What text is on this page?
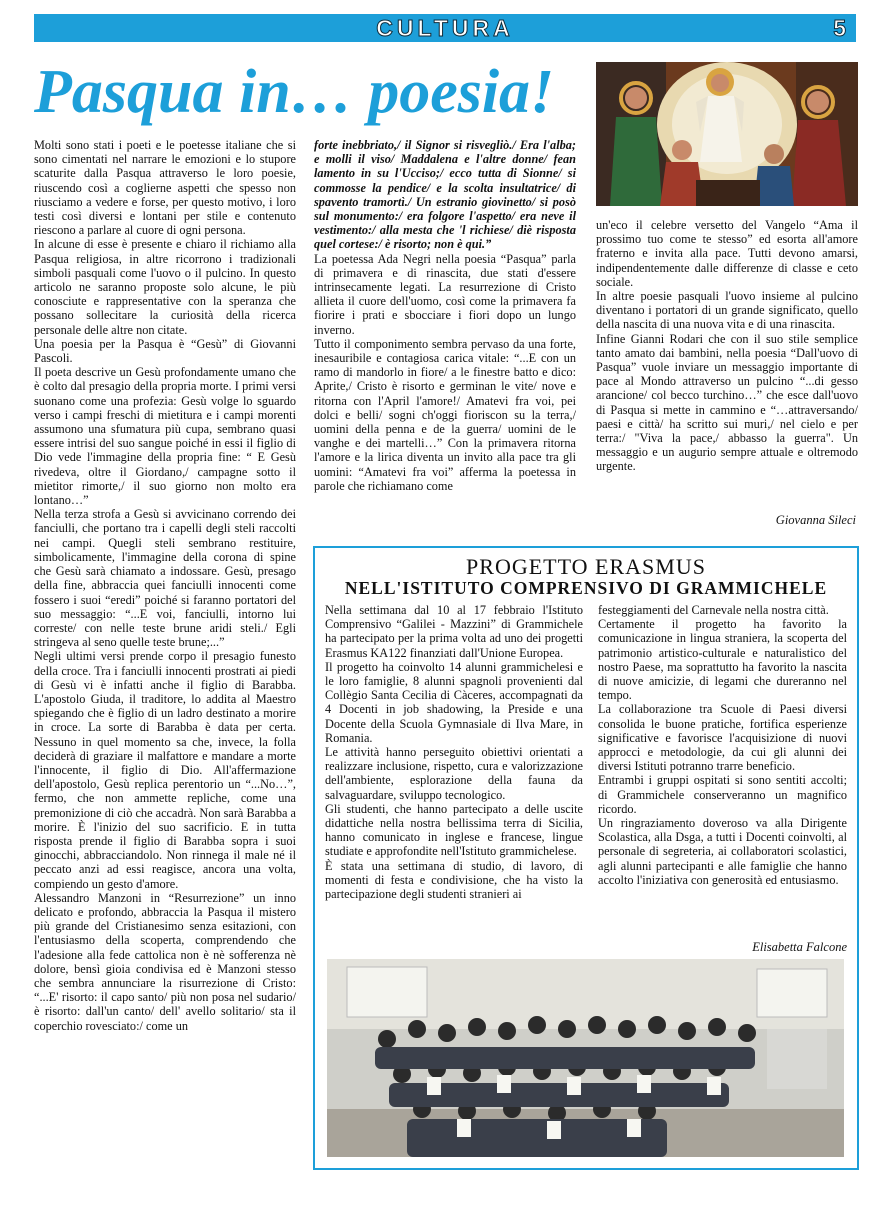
CULTURA	5
Pasqua in… poesia!

Molti sono stati i poeti e le poetesse italiane che si sono cimentati nel narrare le emozioni e lo stupore scaturite dalla Pasqua attraverso le loro poesie, riuscendo così a coglierne aspetti che spesso non riusciamo a vedere e forse, per questo motivo, i loro testi così diversi e lontani per stile e contenuto riescono a parlare al cuore di ogni persona.

In alcune di esse è presente e chiaro il richiamo alla Pasqua religiosa, in altre ricorrono i tradizionali simboli pasquali come l'uovo o il pulcino. In questo articolo ne saranno proposte solo alcune, le più conosciute e rappresentative con la speranza che possano sollecitare la curiosità della ricerca personale delle altre non citate.

Una poesia per la Pasqua è “Gesù” di Giovanni Pascoli.

Il poeta descrive un Gesù profondamente umano che è colto dal presagio della propria morte. I primi versi suonano come una profezia: Gesù volge lo sguardo verso i campi freschi di mietitura e i campi morenti assumono una sfumatura più cupa, sembrano quasi essere intrisi del suo sangue poiché in essi il figlio di Dio vede l'immagine della propria fine: “ E Gesù rivedeva, oltre il Giordano,/ campagne sotto il mietitor rimorte,/ il suo giorno non molto era lontano…”

Nella terza strofa a Gesù si avvicinano correndo dei fanciulli, che portano tra i capelli degli steli raccolti nei campi. Quegli steli sembrano restituire, simbolicamente, l'immagine della corona di spine che Gesù sarà chiamato a indossare. Gesù, presago della fine, abbraccia quei fanciulli innocenti come fossero i suoi “eredi” poiché si faranno portatori del suo messaggio: “...E voi, fanciulli, intorno lui correste/ con nelle teste brune aridi steli./ Egli stringeva al seno quelle teste brune;...”

Negli ultimi versi prende corpo il presagio funesto della croce. Tra i fanciulli innocenti prostrati ai piedi di Gesù vi è infatti anche il figlio di Barabba. L'apostolo Giuda, il traditore, lo addita al Maestro spiegando che è figlio di un ladro destinato a morire in croce. La sorte di Barabba è data per certa. Nessuno in quel momento sa che, invece, la folla deciderà di graziare il malfattore e mandare a morte l'innocente, il figlio di Dio. All'affermazione dell'apostolo, Gesù replica perentorio un “...No…”, fermo, che non ammette repliche, come una premonizione di ciò che accadrà. Non sarà Barabba a morire. È l'inizio del suo sacrificio. E in tutta risposta prende il figlio di Barabba sopra i suoi ginocchi, abbracciandolo. Non rinnega il male né il peccato anzi ad essi reagisce, ancora una volta, compiendo un gesto d'amore.

Alessandro Manzoni in “Resurrezione” un inno delicato e profondo, abbraccia la Pasqua il mistero più grande del Cristianesimo senza esitazioni, con l'entusiasmo della scoperta, comprendendo che l'adesione alla fede cattolica non è nè sofferenza nè dolore, bensì gioia condivisa ed è Manzoni stesso che sembra annunciare la risurrezione di Cristo: “...E' risorto: il capo santo/ più non posa nel sudario/ è risorto: dall'un canto/ dell' avello solitario/ sta il coperchio rovesciato:/ come un

forte inebbriato,/ il Signor si risvegliò./ Era l'alba; e molli il viso/ Maddalena e l'altre donne/ fean lamento in su l'Ucciso;/ ecco tutta di Sionne/ si commosse la pendice/ e la scolta insultatrice/ di spavento tramortì./ Un estranio giovinetto/ si posò sul monumento:/ era folgore l'aspetto/ era neve il vestimento:/ alla mesta che 'l richiese/ diè risposta quel cortese:/ è risorto; non è qui.”

La poetessa Ada Negri nella poesia “Pasqua” parla di primavera e di rinascita, due stati d'essere intrinsecamente legati. La resurrezione di Cristo allieta il cuore dell'uomo, così come la primavera fa fiorire i prati e sbocciare i fiori dopo un lungo inverno.

Tutto il componimento sembra pervaso da una forte, inesauribile e contagiosa carica vitale: “...E con un ramo di mandorlo in fiore/ a le finestre batto e dico: Aprite,/ Cristo è risorto e germinan le vite/ nove e ritorna con l'April l'amore!/ Amatevi fra voi, pei dolci e belli/ sogni ch'oggi fioriscon su la terra,/ uomini della penna e de la guerra/ uomini de le vanghe e dei martelli…” Con la primavera ritorna l'amore e la lirica diventa un invito alla pace tra gli uomini: “Amatevi fra voi” afferma la poetessa in parole che richiamano come

un'eco il celebre versetto del Vangelo “Ama il prossimo tuo come te stesso” ed esorta all'amore fraterno e invita alla pace. Tutti devono amarsi, indipendentemente dalle differenze di classe e ceto sociale.

In altre poesie pasquali l'uovo insieme al pulcino diventano i portatori di un grande significato, quello della nascita di una nuova vita e di una rinascita.

Infine Gianni Rodari che con il suo stile semplice tanto amato dai bambini, nella poesia “Dall'uovo di Pasqua” vuole inviare un messaggio importante di pace al Mondo attraverso un pulcino “...di gesso arancione/ col becco turchino…” che esce dall'uovo di Pasqua si mette in cammino e “…attraversando/ paesi e città/ ha scritto sui muri,/ nel cielo e per terra:/ "Viva la pace,/ abbasso la guerra". Un messaggio e un augurio sempre attuale e oltremodo urgente.

Giovanna Sileci
PROGETTO ERASMUS
NELL'ISTITUTO COMPRENSIVO DI GRAMMICHELE

Nella settimana dal 10 al 17 febbraio l'Istituto Comprensivo “Galilei - Mazzini” di Grammichele ha partecipato per la prima volta ad uno dei progetti Erasmus KA122 finanziati dall'Unione Europea.

Il progetto ha coinvolto 14 alunni grammichelesi e le loro famiglie, 8 alunni spagnoli provenienti dal Collègio Santa Cecilia di Càceres, accompagnati da 4 Docenti in job shadowing, la Preside e una Docente della Scuola Gymnasiale di Ilva Mare, in Romania.

Le attività hanno perseguito obiettivi orientati a realizzare inclusione, rispetto, cura e valorizzazione dell'ambiente, esplorazione della fauna da salvaguardare, sviluppo tecnologico.

Gli studenti, che hanno partecipato a delle uscite didattiche nella nostra bellissima terra di Sicilia, hanno comunicato in inglese e francese, lingue studiate e approfondite nell'Istituto grammichelese.

È stata una settimana di studio, di lavoro, di momenti di festa e condivisione, che ha visto la partecipazione degli studenti stranieri ai

festeggiamenti del Carnevale nella nostra città.

Certamente il progetto ha favorito la comunicazione in lingua straniera, la scoperta del patrimonio artistico-culturale e naturalistico del nostro Paese, ma soprattutto ha favorito la nascita di nuove amicizie, di legami che dureranno nel tempo.

La collaborazione tra Scuole di Paesi diversi consolida le buone pratiche, fortifica esperienze significative e favorisce l'acquisizione di nuovi approcci e metodologie, da cui gli alunni dei diversi Istituti potranno trarre beneficio.

Entrambi i gruppi ospitati si sono sentiti accolti; di Grammichele conserveranno un magnifico ricordo.

Un ringraziamento doveroso va alla Dirigente Scolastica, alla Dsga, a tutti i Docenti coinvolti, al personale di segreteria, ai collaboratori scolastici, agli alunni partecipanti e alle famiglie che hanno accolto l'iniziativa con generosità ed entusiasmo.

Elisabetta Falcone
